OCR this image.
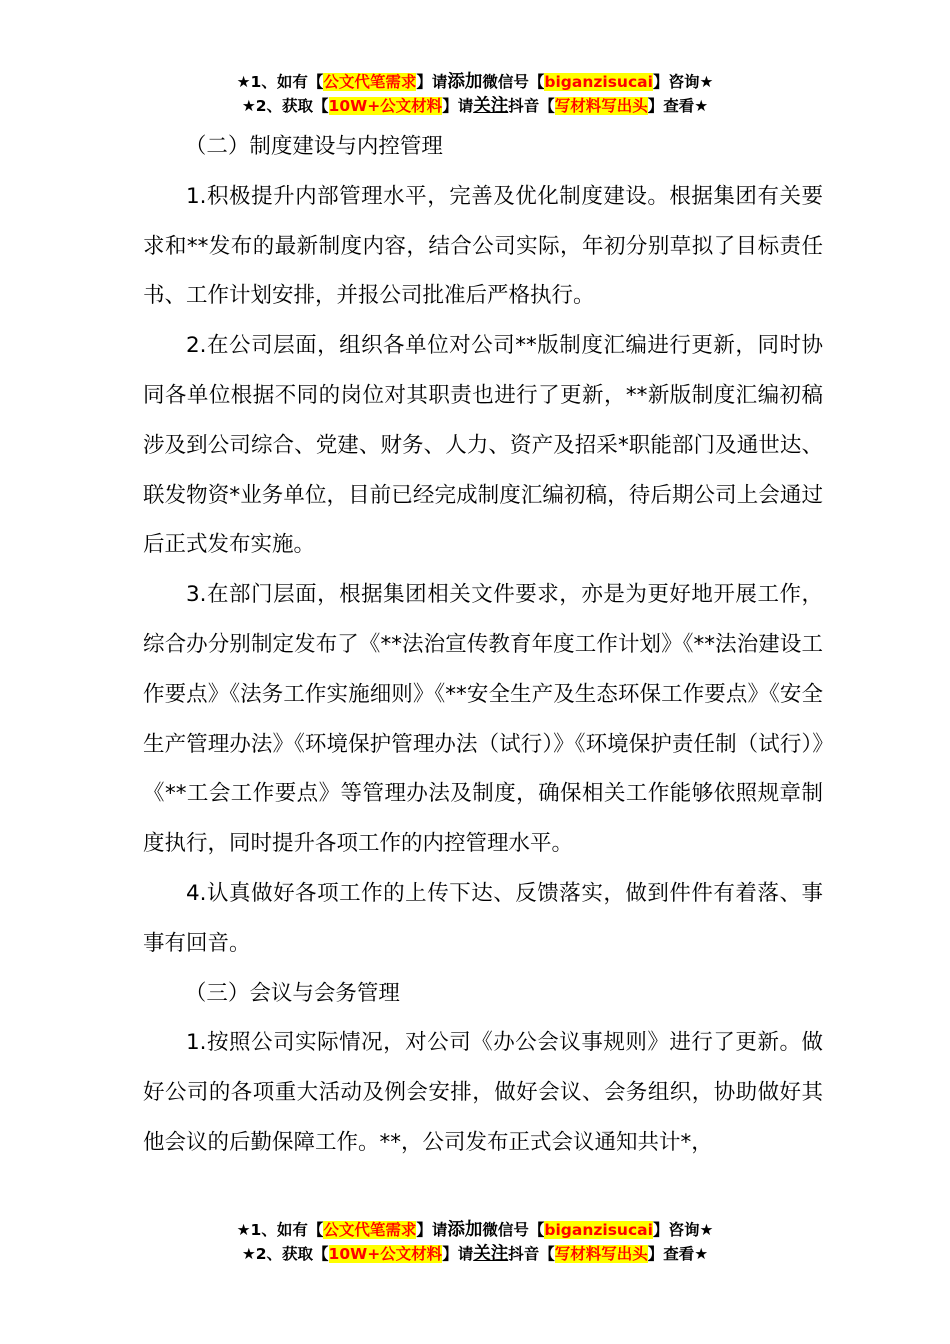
★1、如有【公文代笔需求】请添加微信号【biganzisucai】咨询★
★2、获取【10W+公文材料】请关注抖音【写材料写出头】查看★

（二）制度建设与内控管理

1.积极提升内部管理水平，完善及优化制度建设。根据集团有关要求和**发布的最新制度内容，结合公司实际，年初分别草拟了目标责任书、工作计划安排，并报公司批准后严格执行。

2.在公司层面，组织各单位对公司**版制度汇编进行更新，同时协同各单位根据不同的岗位对其职责也进行了更新，**新版制度汇编初稿涉及到公司综合、党建、财务、人力、资产及招采*职能部门及通世达、联发物资*业务单位，目前已经完成制度汇编初稿，待后期公司上会通过后正式发布实施。

3.在部门层面，根据集团相关文件要求，亦是为更好地开展工作，综合办分别制定发布了《**法治宣传教育年度工作计划》《**法治建设工作要点》《法务工作实施细则》《**安全生产及生态环保工作要点》《安全生产管理办法》《环境保护管理办法（试行）》《环境保护责任制（试行）》《**工会工作要点》等管理办法及制度，确保相关工作能够依照规章制度执行，同时提升各项工作的内控管理水平。

4.认真做好各项工作的上传下达、反馈落实，做到件件有着落、事事有回音。

（三）会议与会务管理

1.按照公司实际情况，对公司《办公会议事规则》进行了更新。做好公司的各项重大活动及例会安排，做好会议、会务组织，协助做好其他会议的后勤保障工作。**，公司发布正式会议通知共计*，

★1、如有【公文代笔需求】请添加微信号【biganzisucai】咨询★
★2、获取【10W+公文材料】请关注抖音【写材料写出头】查看★
